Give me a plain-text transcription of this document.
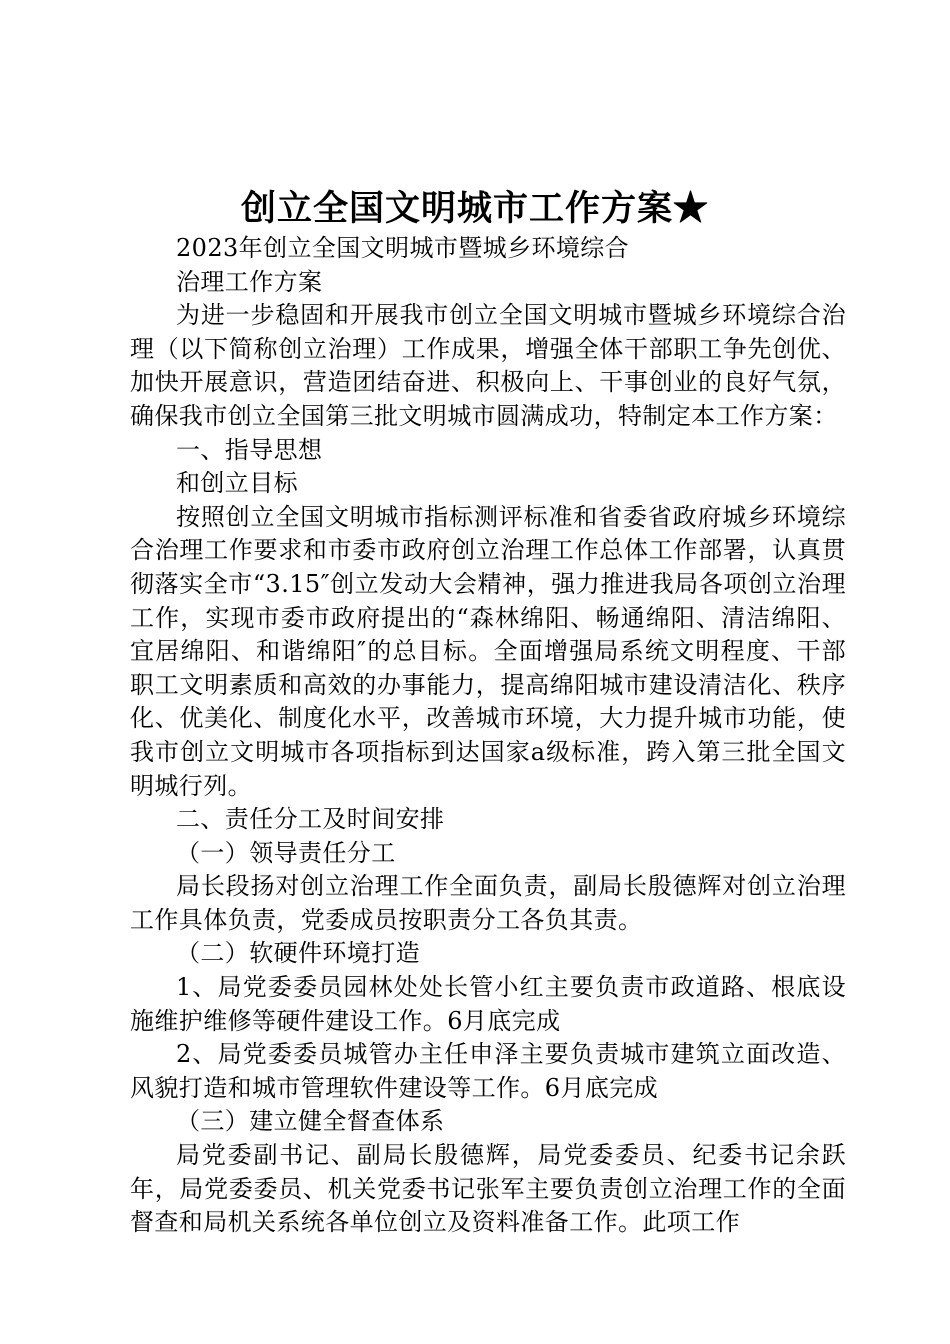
创立全国文明城市工作方案★

2023年创立全国文明城市暨城乡环境综合

治理工作方案

为进一步稳固和开展我市创立全国文明城市暨城乡环境综合治理（以下简称创立治理）工作成果，增强全体干部职工争先创优、加快开展意识，营造团结奋进、积极向上、干事创业的良好气氛，确保我市创立全国第三批文明城市圆满成功，特制定本工作方案：

一、指导思想

和创立目标

按照创立全国文明城市指标测评标准和省委省政府城乡环境综合治理工作要求和市委市政府创立治理工作总体工作部署，认真贯彻落实全市“3.15″创立发动大会精神，强力推进我局各项创立治理工作，实现市委市政府提出的“森林绵阳、畅通绵阳、清洁绵阳、宜居绵阳、和谐绵阳″的总目标。全面增强局系统文明程度、干部职工文明素质和高效的办事能力，提高绵阳城市建设清洁化、秩序化、优美化、制度化水平，改善城市环境，大力提升城市功能，使我市创立文明城市各项指标到达国家a级标准，跨入第三批全国文明城行列。

二、责任分工及时间安排

（一）领导责任分工

局长段扬对创立治理工作全面负责，副局长殷德辉对创立治理工作具体负责，党委成员按职责分工各负其责。

（二）软硬件环境打造

1、局党委委员园林处处长管小红主要负责市政道路、根底设施维护维修等硬件建设工作。6月底完成

2、局党委委员城管办主任申泽主要负责城市建筑立面改造、风貌打造和城市管理软件建设等工作。6月底完成

（三）建立健全督查体系

局党委副书记、副局长殷德辉，局党委委员、纪委书记余跃年，局党委委员、机关党委书记张军主要负责创立治理工作的全面督查和局机关系统各单位创立及资料准备工作。此项工作
